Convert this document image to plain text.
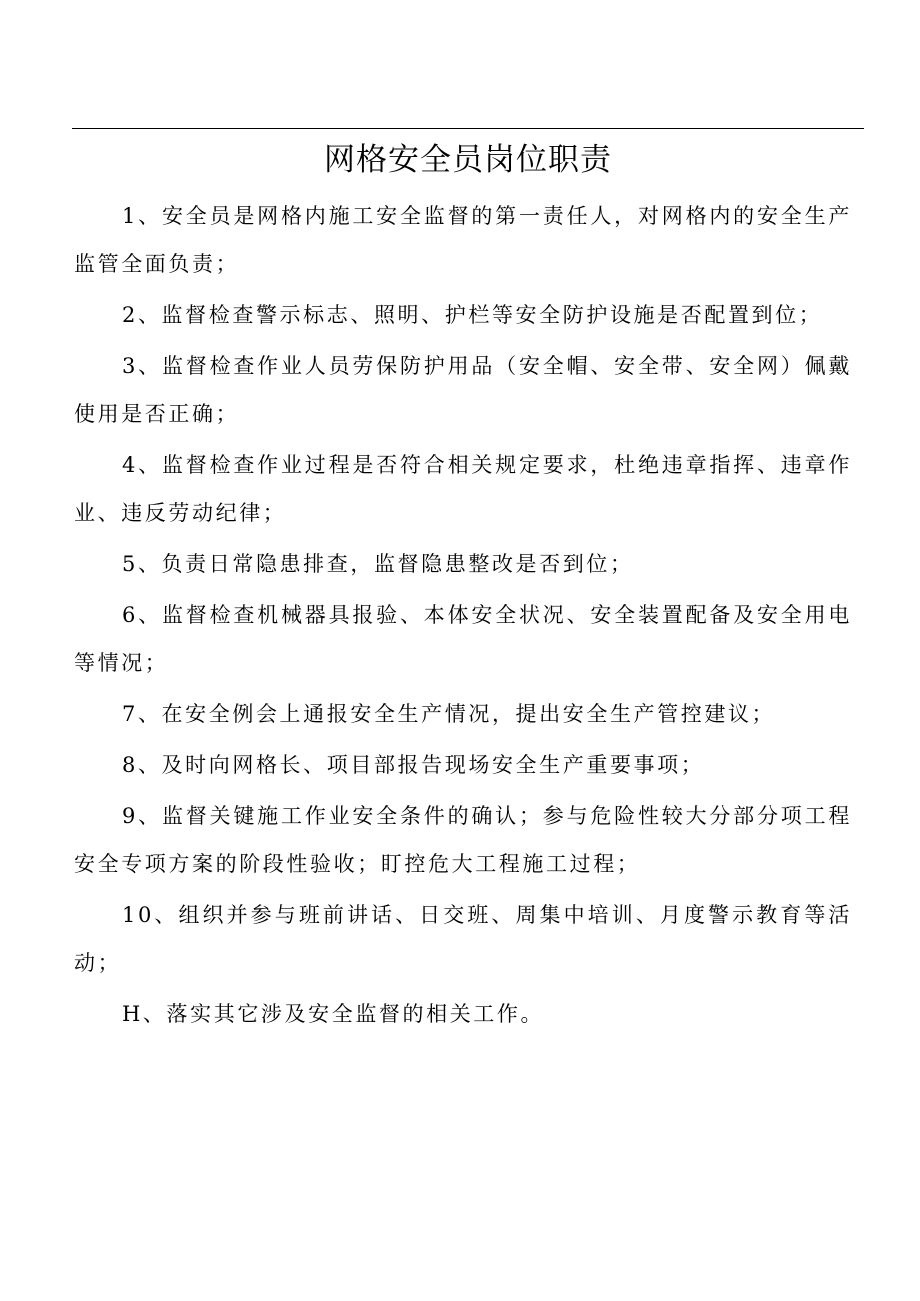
网格安全员岗位职责

1、安全员是网格内施工安全监督的第一责任人，对网格内的安全生产监管全面负责；

2、监督检查警示标志、照明、护栏等安全防护设施是否配置到位；

3、监督检查作业人员劳保防护用品（安全帽、安全带、安全网）佩戴使用是否正确；

4、监督检查作业过程是否符合相关规定要求，杜绝违章指挥、违章作业、违反劳动纪律；

5、负责日常隐患排查，监督隐患整改是否到位；

6、监督检查机械器具报验、本体安全状况、安全装置配备及安全用电等情况；

7、在安全例会上通报安全生产情况，提出安全生产管控建议；

8、及时向网格长、项目部报告现场安全生产重要事项；

9、监督关键施工作业安全条件的确认；参与危险性较大分部分项工程安全专项方案的阶段性验收；盯控危大工程施工过程；

10、组织并参与班前讲话、日交班、周集中培训、月度警示教育等活动；

H、落实其它涉及安全监督的相关工作。
